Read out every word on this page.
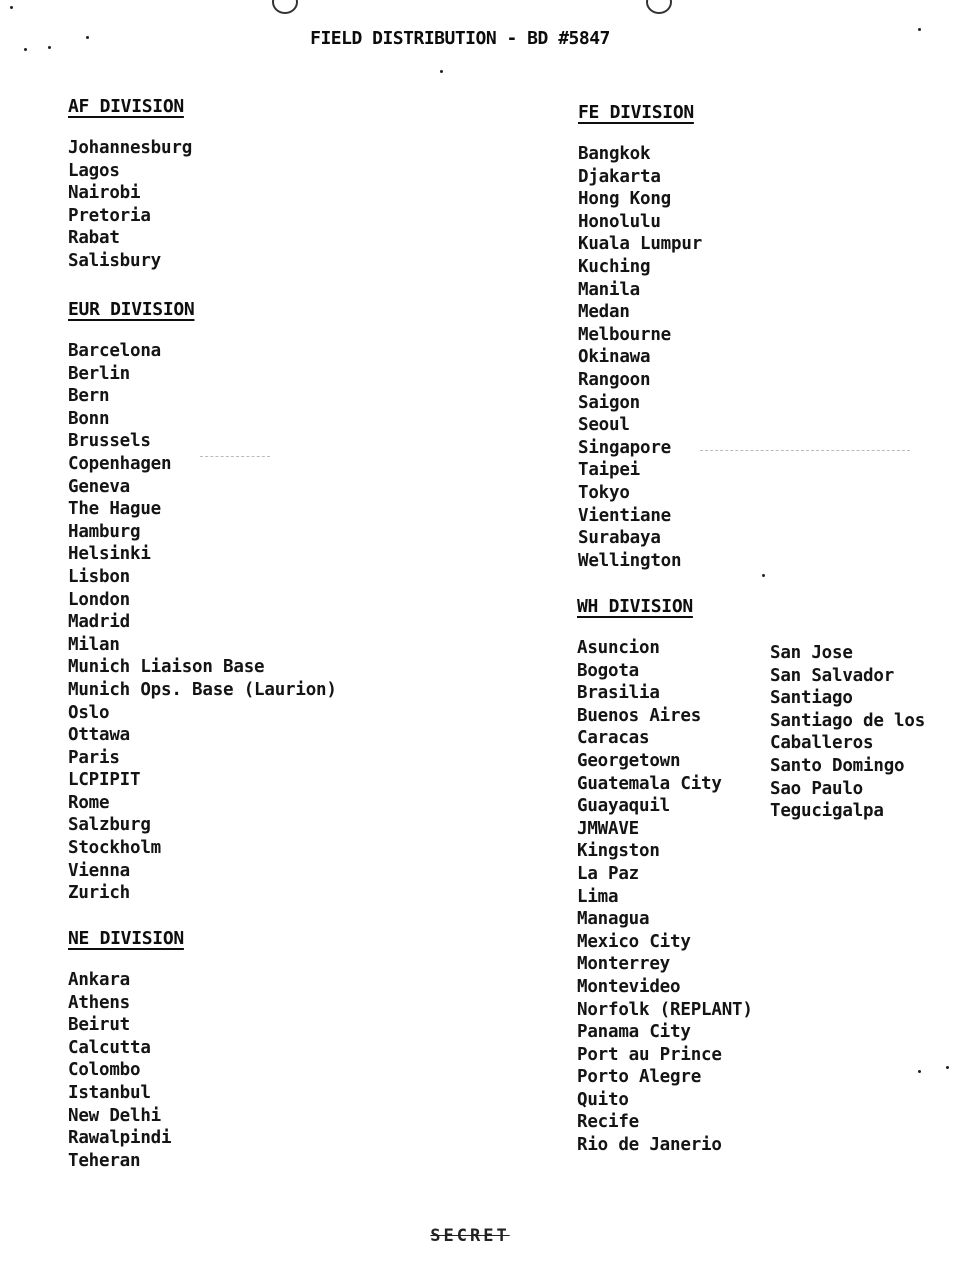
FIELD DISTRIBUTION - BD #5847
AF DIVISION
Johannesburg
Lagos
Nairobi
Pretoria
Rabat
Salisbury
EUR DIVISION
Barcelona
Berlin
Bern
Bonn
Brussels
Copenhagen
Geneva
The Hague
Hamburg
Helsinki
Lisbon
London
Madrid
Milan
Munich Liaison Base
Munich Ops. Base (Laurion)
Oslo
Ottawa
Paris
LCPIPIT
Rome
Salzburg
Stockholm
Vienna
Zurich
NE DIVISION
Ankara
Athens
Beirut
Calcutta
Colombo
Istanbul
New Delhi
Rawalpindi
Teheran
FE DIVISION
Bangkok
Djakarta
Hong Kong
Honolulu
Kuala Lumpur
Kuching
Manila
Medan
Melbourne
Okinawa
Rangoon
Saigon
Seoul
Singapore
Taipei
Tokyo
Vientiane
Surabaya
Wellington
WH DIVISION
Asuncion
Bogota
Brasilia
Buenos Aires
Caracas
Georgetown
Guatemala City
Guayaquil
JMWAVE
Kingston
La Paz
Lima
Managua
Mexico City
Monterrey
Montevideo
Norfolk (REPLANT)
Panama City
Port au Prince
Porto Alegre
Quito
Recife
Rio de Janerio
San Jose
San Salvador
Santiago
Santiago de los
Caballeros
Santo Domingo
Sao Paulo
Tegucigalpa
SECRET
